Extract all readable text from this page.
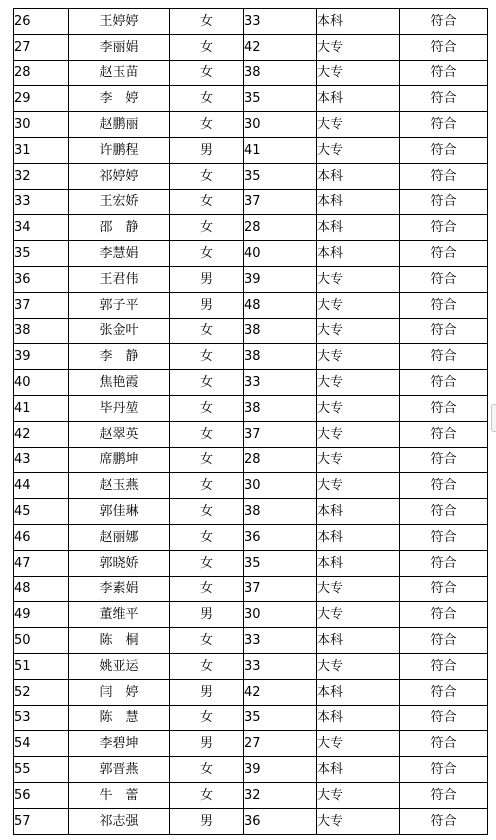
26	王婷婷	女	33	本科	符合
27	李丽娟	女	42	大专	符合
28	赵玉苗	女	38	大专	符合
29	李　婷	女	35	本科	符合
30	赵鹏丽	女	30	大专	符合
31	许鹏程	男	41	大专	符合
32	祁婷婷	女	35	本科	符合
33	王宏娇	女	37	本科	符合
34	邵　静	女	28	本科	符合
35	李慧娟	女	40	本科	符合
36	王君伟	男	39	大专	符合
37	郭子平	男	48	大专	符合
38	张金叶	女	38	大专	符合
39	李　静	女	38	大专	符合
40	焦艳霞	女	33	大专	符合
41	毕丹堃	女	38	大专	符合
42	赵翠英	女	37	大专	符合
43	席鹏坤	女	28	大专	符合
44	赵玉燕	女	30	大专	符合
45	郭佳琳	女	38	本科	符合
46	赵丽娜	女	36	本科	符合
47	郭晓娇	女	35	本科	符合
48	李素娟	女	37	大专	符合
49	董维平	男	30	大专	符合
50	陈　桐	女	33	本科	符合
51	姚亚运	女	33	大专	符合
52	闫　婷	男	42	本科	符合
53	陈　慧	女	35	本科	符合
54	李碧坤	男	27	大专	符合
55	郭晋燕	女	39	本科	符合
56	牛　蕾	女	32	大专	符合
57	祁志强	男	36	大专	符合
